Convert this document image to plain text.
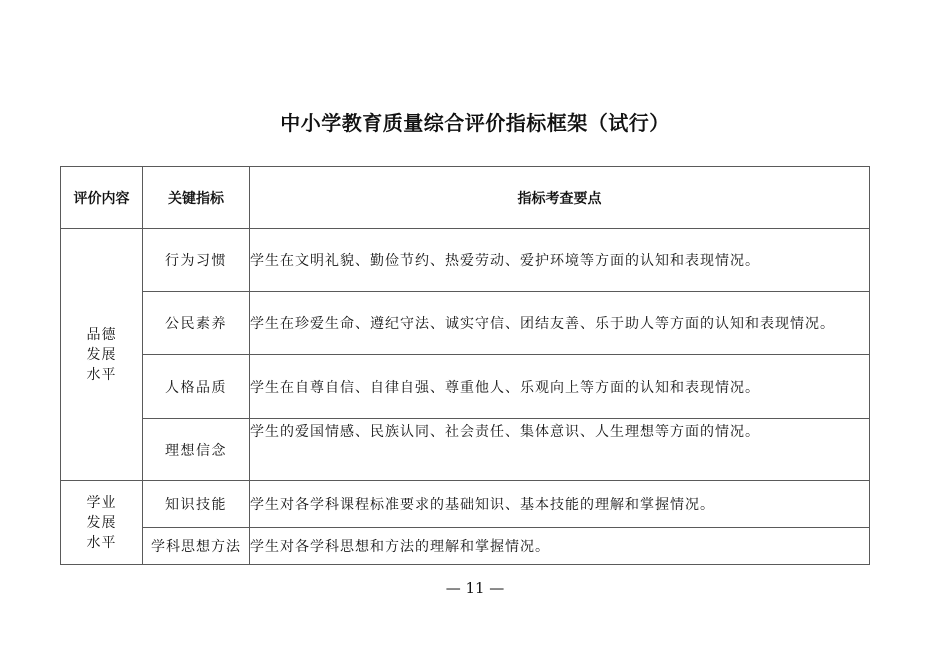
中小学教育质量综合评价指标框架（试行）
评价内容	关键指标	指标考查要点

品德
发展
水平	行为习惯	学生在文明礼貌、勤俭节约、热爱劳动、爱护环境等方面的认知和表现情况。
	公民素养	学生在珍爱生命、遵纪守法、诚实守信、团结友善、乐于助人等方面的认知和表现情况。
	人格品质	学生在自尊自信、自律自强、尊重他人、乐观向上等方面的认知和表现情况。
	理想信念	学生的爱国情感、民族认同、社会责任、集体意识、人生理想等方面的情况。

学业
发展
水平	知识技能	学生对各学科课程标准要求的基础知识、基本技能的理解和掌握情况。
	学科思想方法	学生对各学科思想和方法的理解和掌握情况。
— 11 —
